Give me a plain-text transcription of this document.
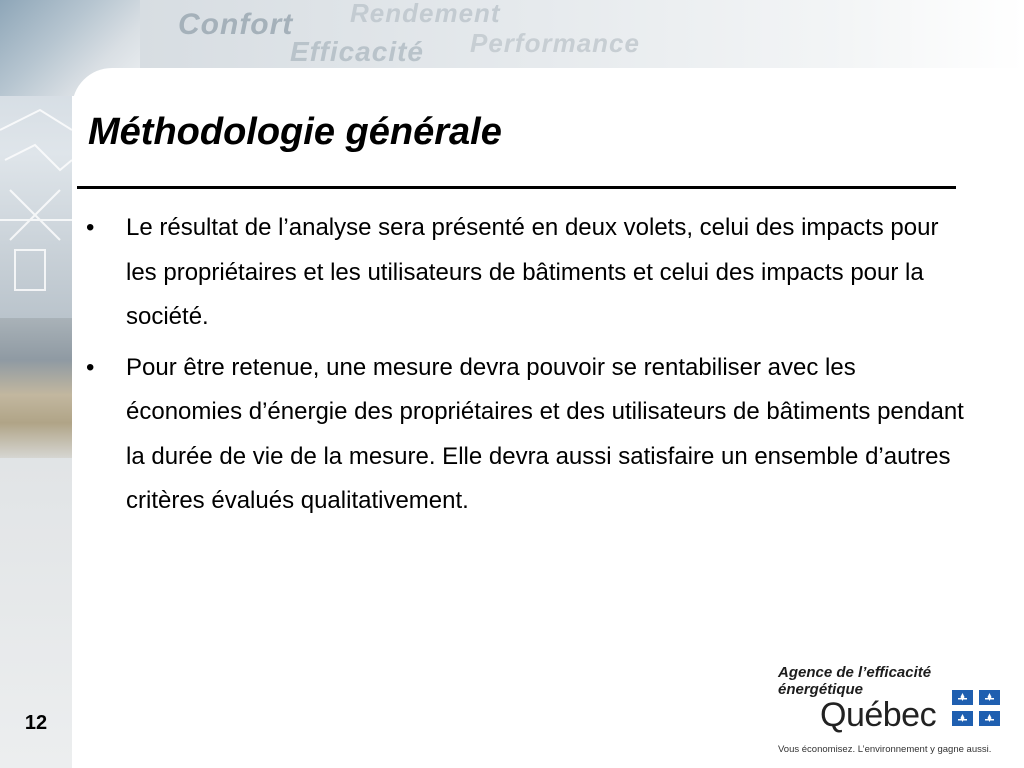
Confort Rendement
Efficacité Performance
Méthodologie générale
•	Le résultat de l’analyse sera présenté en deux volets, celui des impacts pour les propriétaires et les utilisateurs de bâtiments et celui des impacts pour la société.
•	Pour être retenue, une mesure devra pouvoir se rentabiliser avec les économies d’énergie des propriétaires et des utilisateurs de bâtiments pendant la durée de vie de la mesure. Elle devra aussi satisfaire un ensemble d’autres critères évalués qualitativement.
12
Agence de l’efficacité
énergétique
Québec
Vous économisez. L’environnement y gagne aussi.
